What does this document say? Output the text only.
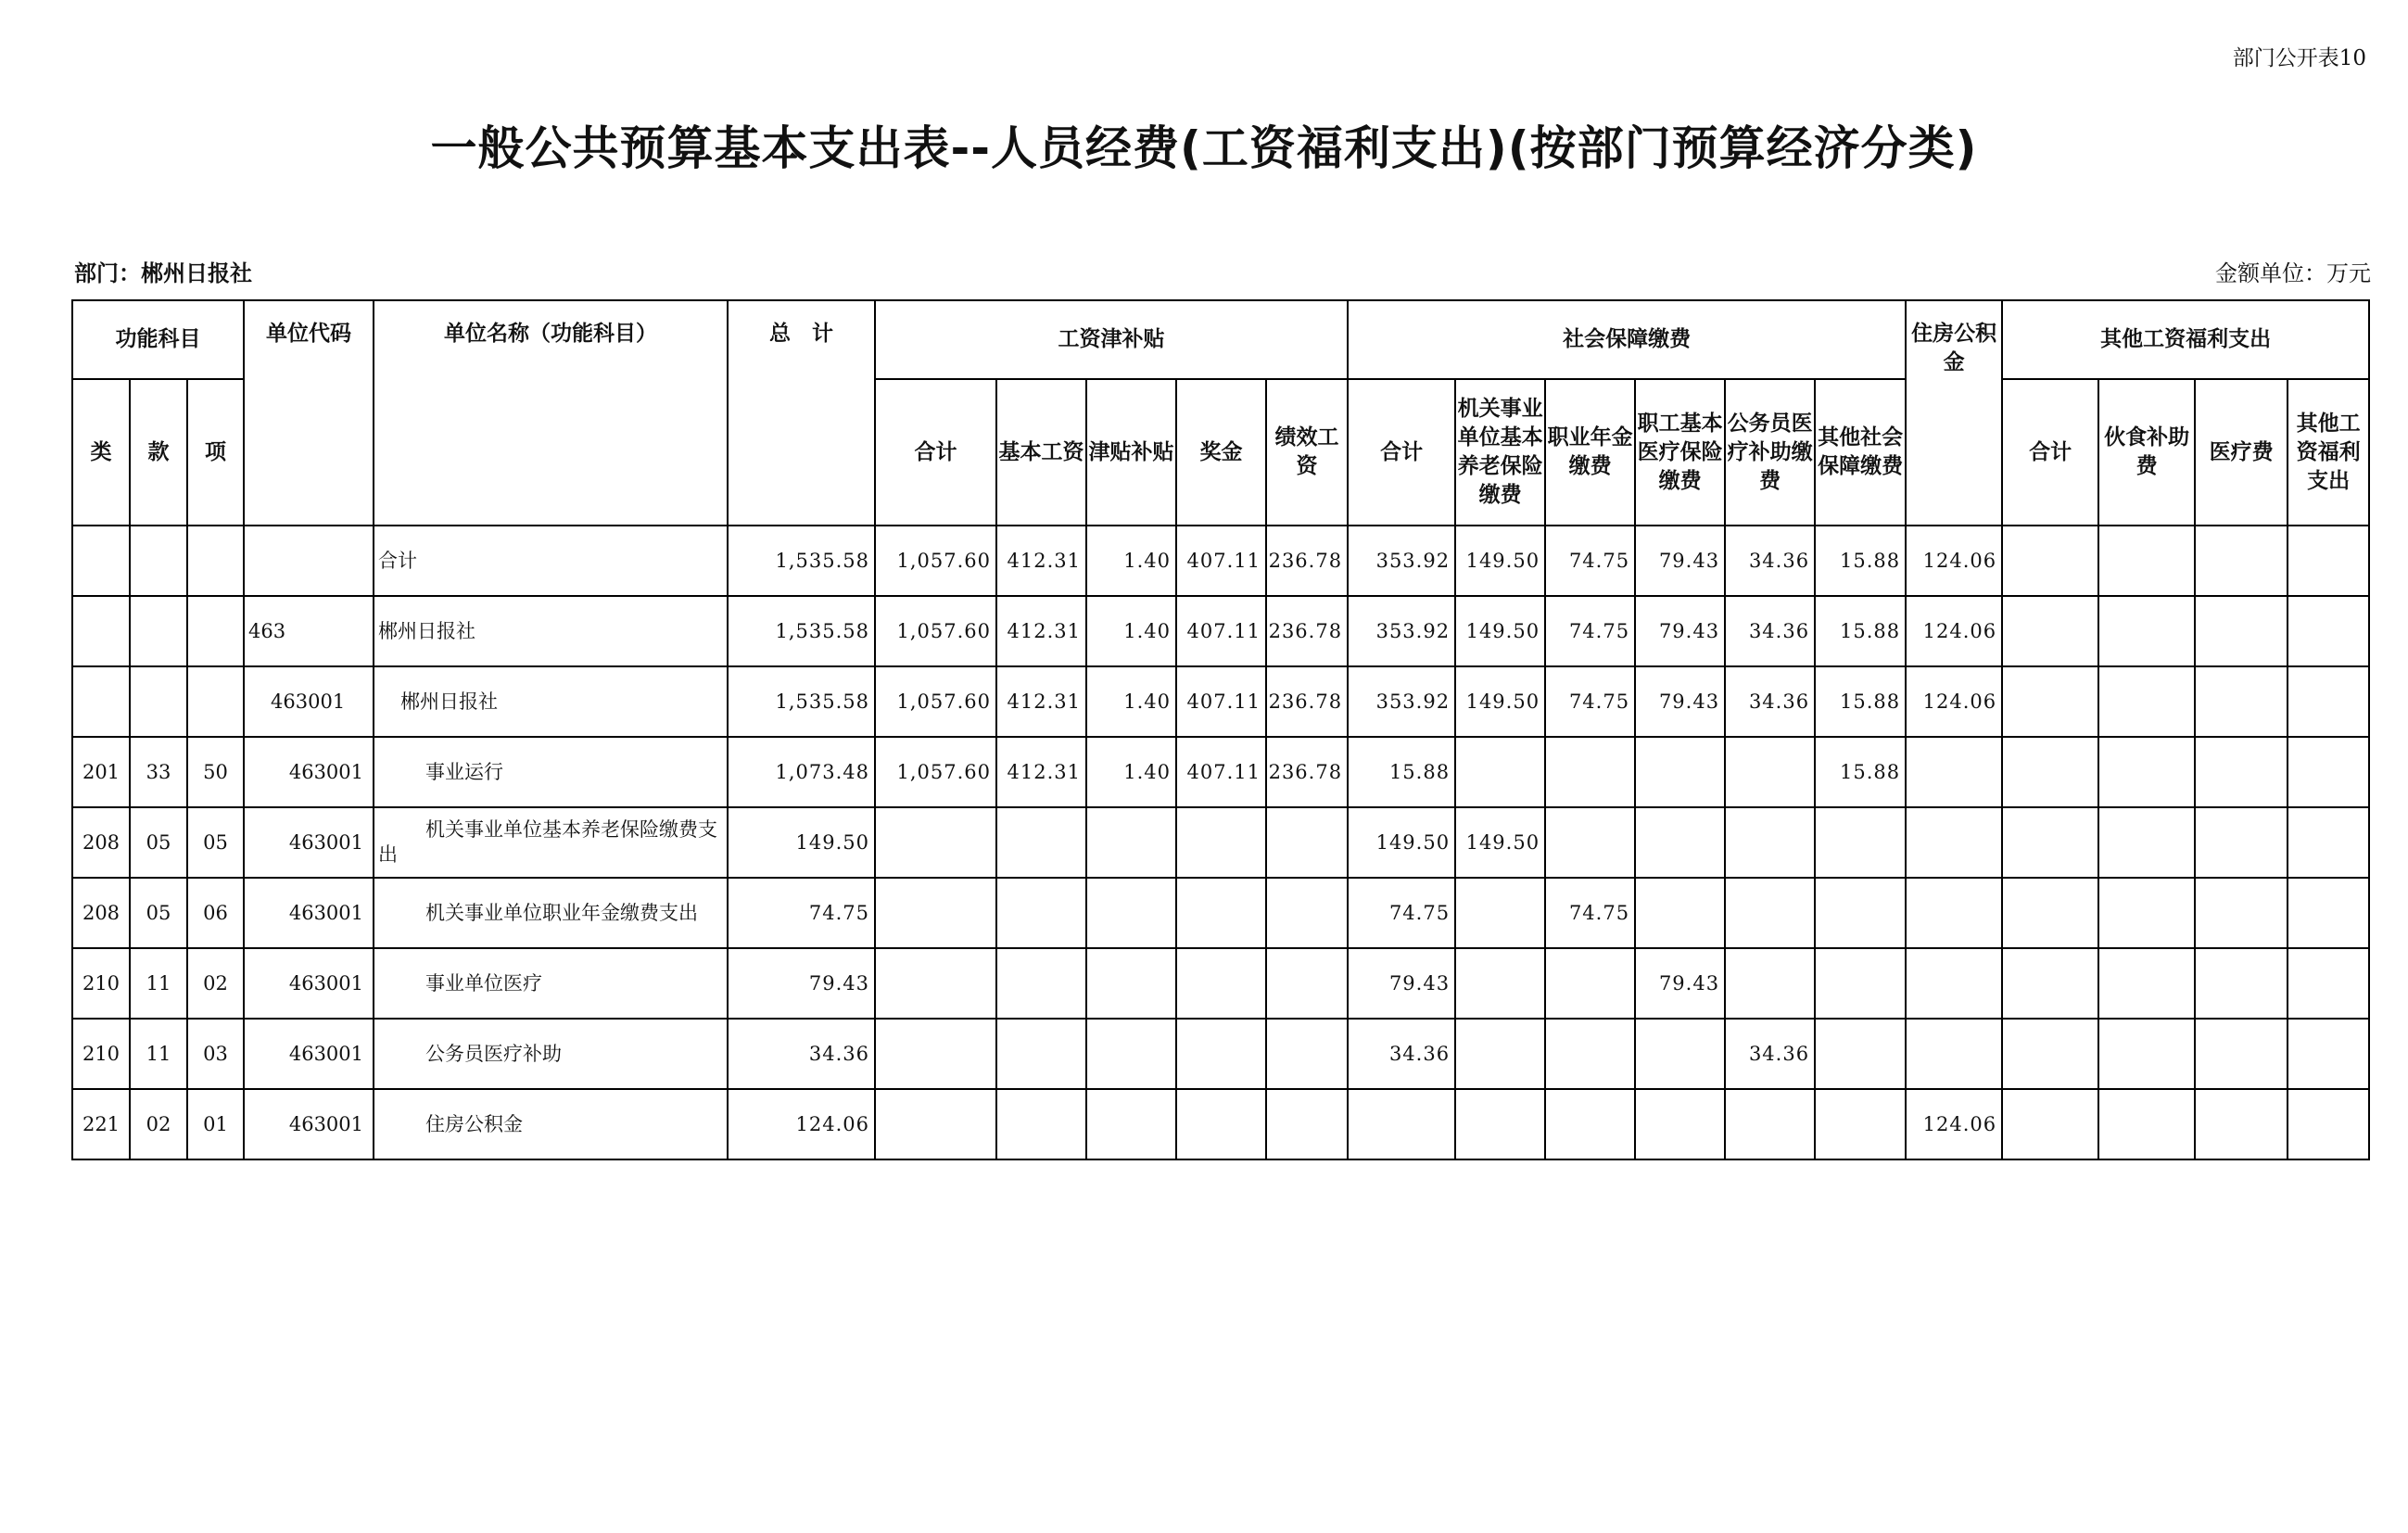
部门公开表10
一般公共预算基本支出表--人员经费(工资福利支出)(按部门预算经济分类)
部门：郴州日报社	金额单位：万元
功能科目			单位代码	单位名称（功能科目）	总　计	工资津补贴					社会保障缴费						住房公积金	其他工资福利支出			
类	款	项				合计	基本工资	津贴补贴	奖金	绩效工资	合计	机关事业单位基本养老保险缴费	职业年金缴费	职工基本医疗保险缴费	公务员医疗补助缴费	其他社会保障缴费		合计	伙食补助费	医疗费	其他工资福利支出
				合计	1,535.58	1,057.60	412.31	1.40	407.11	236.78	353.92	149.50	74.75	79.43	34.36	15.88	124.06				
			463	郴州日报社	1,535.58	1,057.60	412.31	1.40	407.11	236.78	353.92	149.50	74.75	79.43	34.36	15.88	124.06				
			463001	郴州日报社	1,535.58	1,057.60	412.31	1.40	407.11	236.78	353.92	149.50	74.75	79.43	34.36	15.88	124.06				
201	33	50	463001	事业运行	1,073.48	1,057.60	412.31	1.40	407.11	236.78	15.88					15.88					
208	05	05	463001	机关事业单位基本养老保险缴费支出	149.50						149.50	149.50									
208	05	06	463001	机关事业单位职业年金缴费支出	74.75						74.75		74.75								
210	11	02	463001	事业单位医疗	79.43						79.43			79.43							
210	11	03	463001	公务员医疗补助	34.36						34.36				34.36						
221	02	01	463001	住房公积金	124.06												124.06				
